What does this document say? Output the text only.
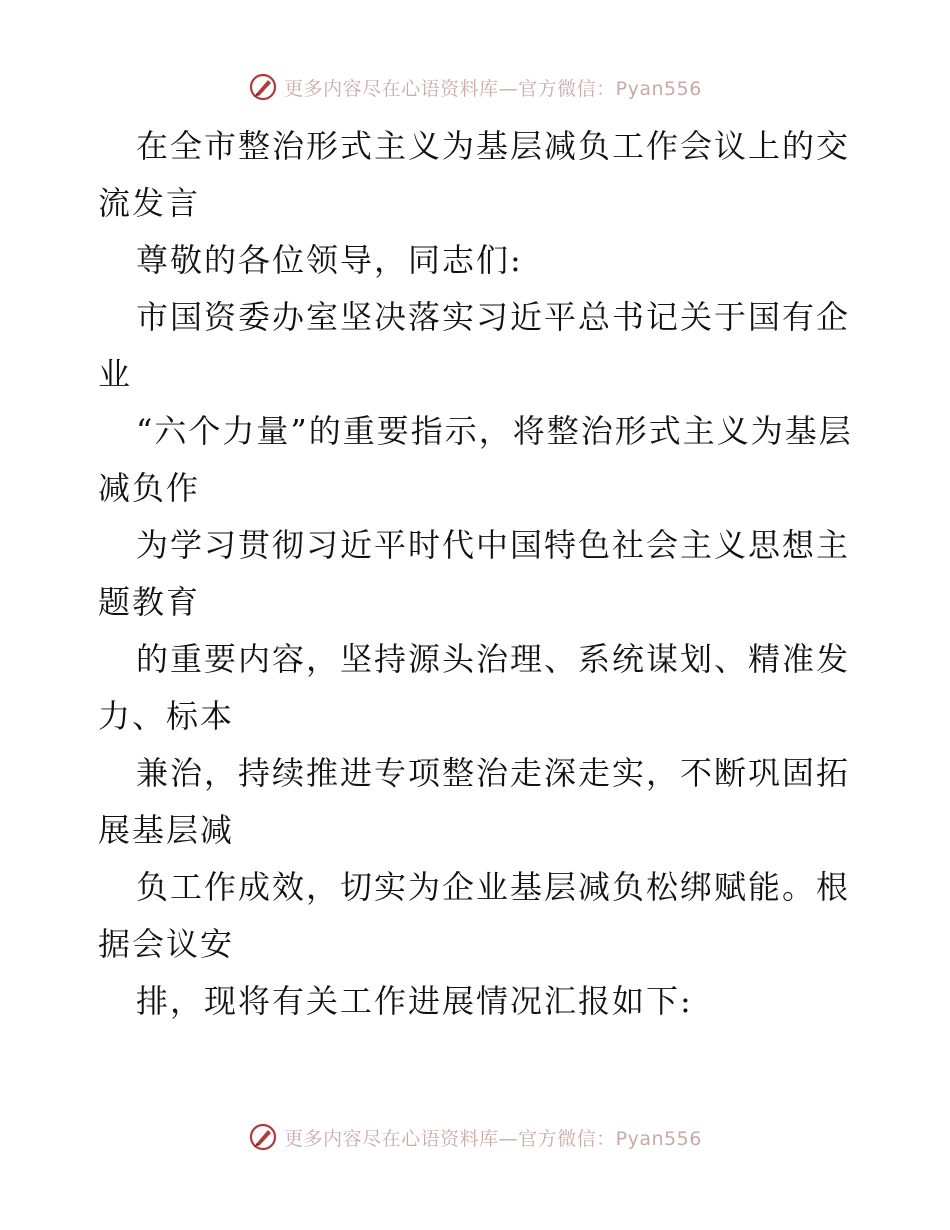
更多内容尽在心语资料库—官方微信：Pyan556

在全市整治形式主义为基层减负工作会议上的交流发言

尊敬的各位领导，同志们:

市国资委办室坚决落实习近平总书记关于国有企业

“六个力量”的重要指示，将整治形式主义为基层减负作

为学习贯彻习近平时代中国特色社会主义思想主题教育

的重要内容，坚持源头治理、系统谋划、精准发力、标本

兼治，持续推进专项整治走深走实，不断巩固拓展基层减

负工作成效，切实为企业基层减负松绑赋能。根据会议安

排，现将有关工作进展情况汇报如下:

更多内容尽在心语资料库—官方微信：Pyan556
